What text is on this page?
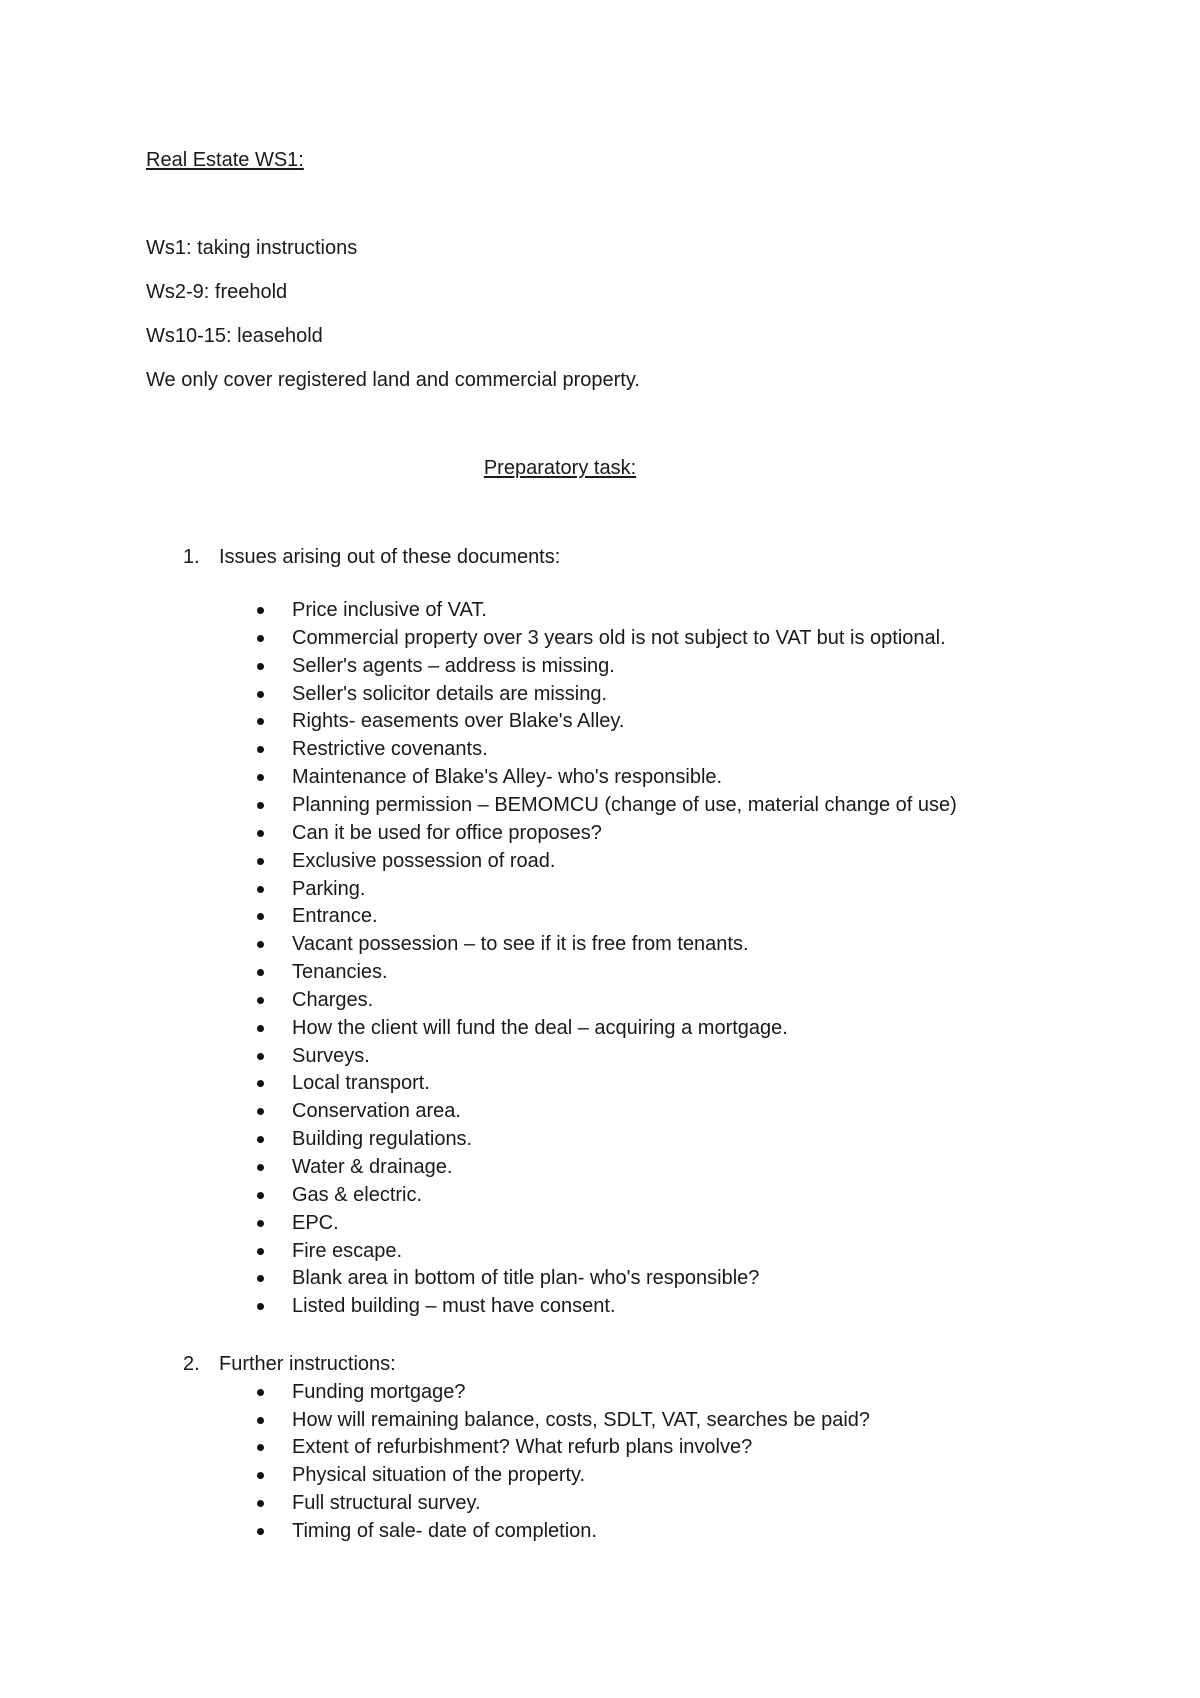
Real Estate WS1:
Ws1: taking instructions
Ws2-9: freehold
Ws10-15: leasehold
We only cover registered land and commercial property.
Preparatory task:
1. Issues arising out of these documents:
Price inclusive of VAT.
Commercial property over 3 years old is not subject to VAT but is optional.
Seller's agents – address is missing.
Seller's solicitor details are missing.
Rights- easements over Blake's Alley.
Restrictive covenants.
Maintenance of Blake's Alley- who's responsible.
Planning permission – BEMOMCU (change of use, material change of use)
Can it be used for office proposes?
Exclusive possession of road.
Parking.
Entrance.
Vacant possession – to see if it is free from tenants.
Tenancies.
Charges.
How the client will fund the deal – acquiring a mortgage.
Surveys.
Local transport.
Conservation area.
Building regulations.
Water & drainage.
Gas & electric.
EPC.
Fire escape.
Blank area in bottom of title plan- who's responsible?
Listed building – must have consent.
2. Further instructions:
Funding mortgage?
How will remaining balance, costs, SDLT, VAT, searches be paid?
Extent of refurbishment? What refurb plans involve?
Physical situation of the property.
Full structural survey.
Timing of sale- date of completion.
